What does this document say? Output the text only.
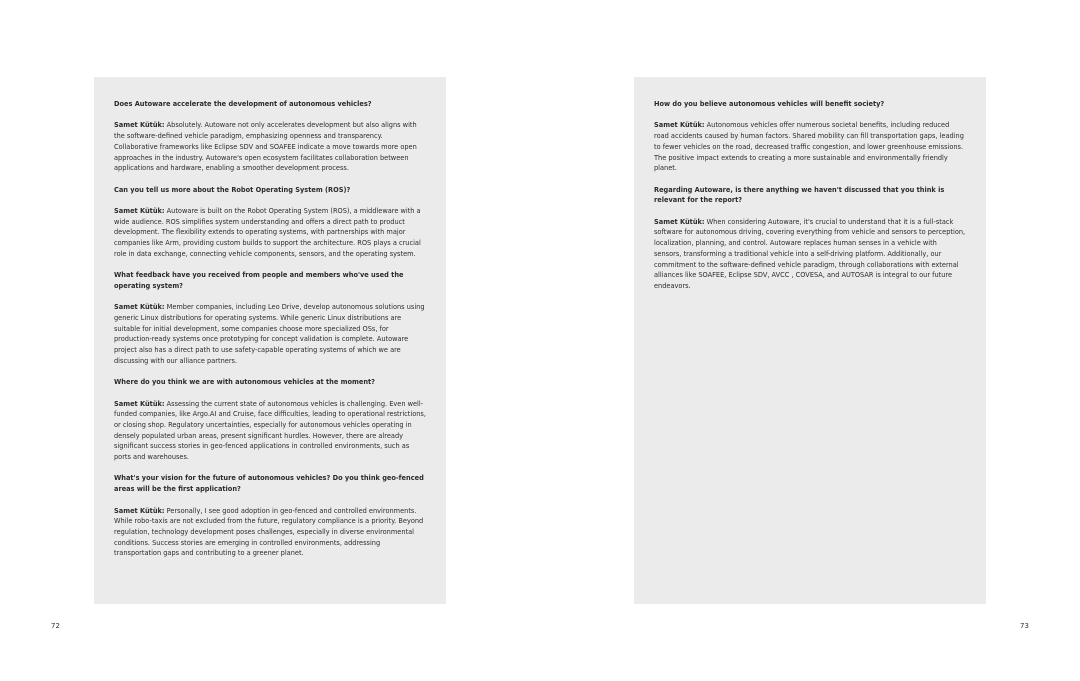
Does Autoware accelerate the development of autonomous vehicles?

Samet Kütük: Absolutely. Autoware not only accelerates development but also aligns with the software-defined vehicle paradigm, emphasizing openness and transparency. Collaborative frameworks like Eclipse SDV and SOAFEE indicate a move towards more open approaches in the industry. Autoware's open ecosystem facilitates collaboration between applications and hardware, enabling a smoother development process.

Can you tell us more about the Robot Operating System (ROS)?

Samet Kütük: Autoware is built on the Robot Operating System (ROS), a middleware with a wide audience. ROS simplifies system understanding and offers a direct path to product development. The flexibility extends to operating systems, with partnerships with major companies like Arm, providing custom builds to support the architecture. ROS plays a crucial role in data exchange, connecting vehicle components, sensors, and the operating system.

What feedback have you received from people and members who've used the operating system?

Samet Kütük: Member companies, including Leo Drive, develop autonomous solutions using generic Linux distributions for operating systems. While generic Linux distributions are suitable for initial development, some companies choose more specialized OSs, for production-ready systems once prototyping for concept validation is complete. Autoware project also has a direct path to use safety-capable operating systems of which we are discussing with our alliance partners.

Where do you think we are with autonomous vehicles at the moment?

Samet Kütük: Assessing the current state of autonomous vehicles is challenging. Even well-funded companies, like Argo.AI and Cruise, face difficulties, leading to operational restrictions, or closing shop. Regulatory uncertainties, especially for autonomous vehicles operating in densely populated urban areas, present significant hurdles. However, there are already significant success stories in geo-fenced applications in controlled environments, such as ports and warehouses.

What's your vision for the future of autonomous vehicles? Do you think geo-fenced areas will be the first application?

Samet Kütük: Personally, I see good adoption in geo-fenced and controlled environments. While robo-taxis are not excluded from the future, regulatory compliance is a priority. Beyond regulation, technology development poses challenges, especially in diverse environmental conditions. Success stories are emerging in controlled environments, addressing transportation gaps and contributing to a greener planet.

How do you believe autonomous vehicles will benefit society?

Samet Kütük: Autonomous vehicles offer numerous societal benefits, including reduced road accidents caused by human factors. Shared mobility can fill transportation gaps, leading to fewer vehicles on the road, decreased traffic congestion, and lower greenhouse emissions. The positive impact extends to creating a more sustainable and environmentally friendly planet.

Regarding Autoware, is there anything we haven't discussed that you think is relevant for the report?

Samet Kütük: When considering Autoware, it's crucial to understand that it is a full-stack software for autonomous driving, covering everything from vehicle and sensors to perception, localization, planning, and control. Autoware replaces human senses in a vehicle with sensors, transforming a traditional vehicle into a self-driving platform. Additionally, our commitment to the software-defined vehicle paradigm, through collaborations with external alliances like SOAFEE, Eclipse SDV, AVCC , COVESA, and AUTOSAR is integral to our future endeavors.

72	73
